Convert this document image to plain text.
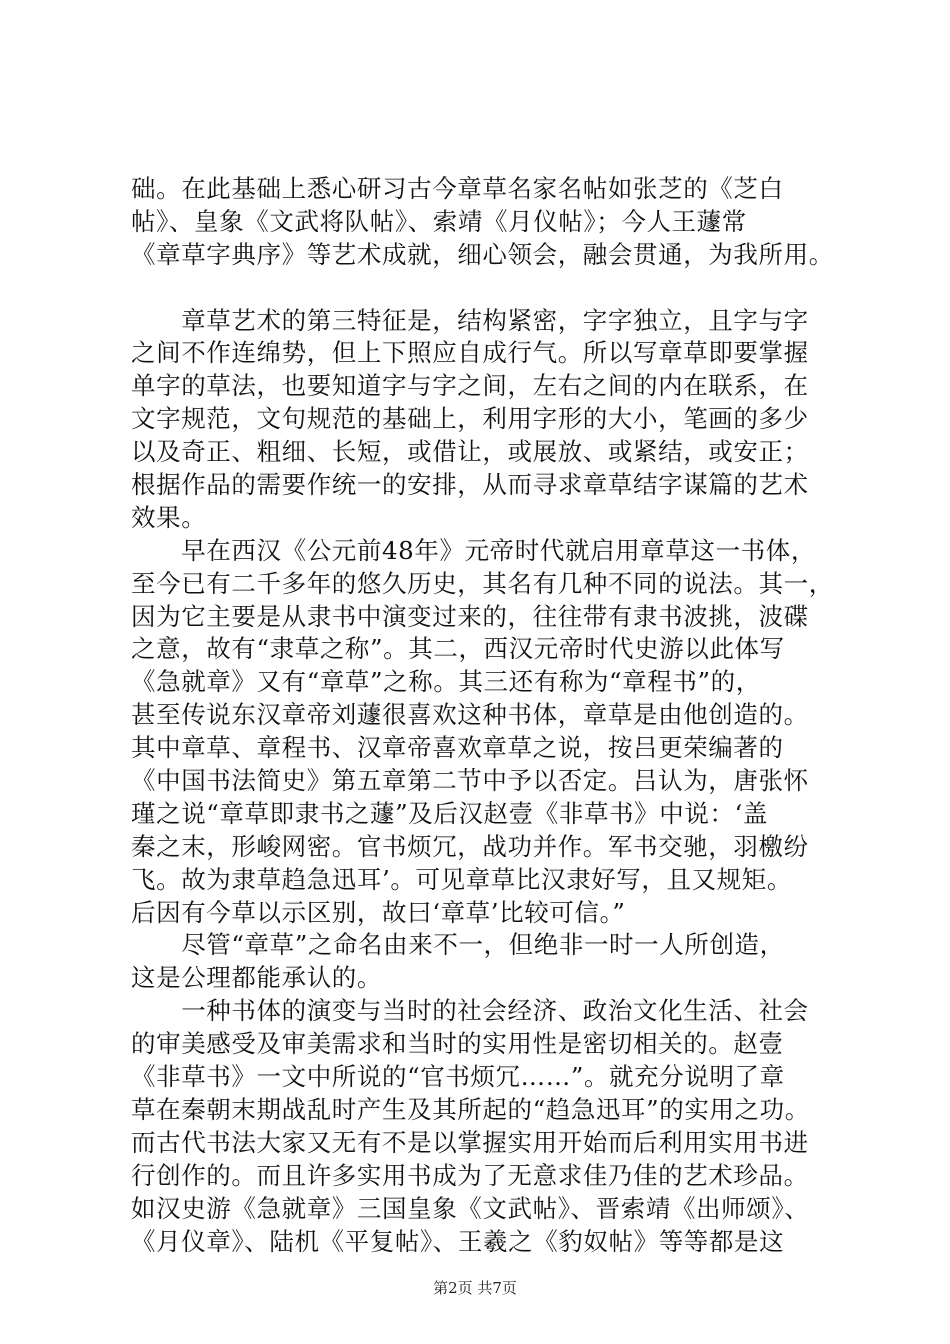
础。在此基础上悉心研习古今章草名家名帖如张芝的《芝白
帖》、皇象《文武将队帖》、索靖《月仪帖》；今人王蘧常
《章草字典序》等艺术成就，细心领会，融会贯通，为我所用。
　　章草艺术的第三特征是，结构紧密，字字独立，且字与字
之间不作连绵势，但上下照应自成行气。所以写章草即要掌握
单字的草法，也要知道字与字之间，左右之间的内在联系，在
文字规范，文句规范的基础上，利用字形的大小，笔画的多少
以及奇正、粗细、长短，或借让，或展放、或紧结，或安正；
根据作品的需要作统一的安排，从而寻求章草结字谋篇的艺术
效果。
　　早在西汉《公元前48年》元帝时代就启用章草这一书体，
至今已有二千多年的悠久历史，其名有几种不同的说法。其一，
因为它主要是从隶书中演变过来的，往往带有隶书波挑，波碟
之意，故有“隶草之称”。其二，西汉元帝时代史游以此体写
《急就章》又有“章草”之称。其三还有称为“章程书”的，
甚至传说东汉章帝刘蘧很喜欢这种书体，章草是由他创造的。
其中章草、章程书、汉章帝喜欢章草之说，按吕更荣编著的
《中国书法简史》第五章第二节中予以否定。吕认为，唐张怀
瑾之说“章草即隶书之蘧”及后汉赵壹《非草书》中说：‘盖
秦之末，形峻网密。官书烦冗，战功并作。军书交驰，羽檄纷
飞。故为隶草趋急迅耳’。可见章草比汉隶好写，且又规矩。
后因有今草以示区别，故曰‘章草’比较可信。”
　　尽管“章草”之命名由来不一，但绝非一时一人所创造，
这是公理都能承认的。
　　一种书体的演变与当时的社会经济、政治文化生活、社会
的审美感受及审美需求和当时的实用性是密切相关的。赵壹
《非草书》一文中所说的“官书烦冗……”。就充分说明了章
草在秦朝末期战乱时产生及其所起的“趋急迅耳”的实用之功。
而古代书法大家又无有不是以掌握实用开始而后利用实用书进
行创作的。而且许多实用书成为了无意求佳乃佳的艺术珍品。
如汉史游《急就章》三国皇象《文武帖》、晋索靖《出师颂》、
《月仪章》、陆机《平复帖》、王羲之《豹奴帖》等等都是这
第2页 共7页
